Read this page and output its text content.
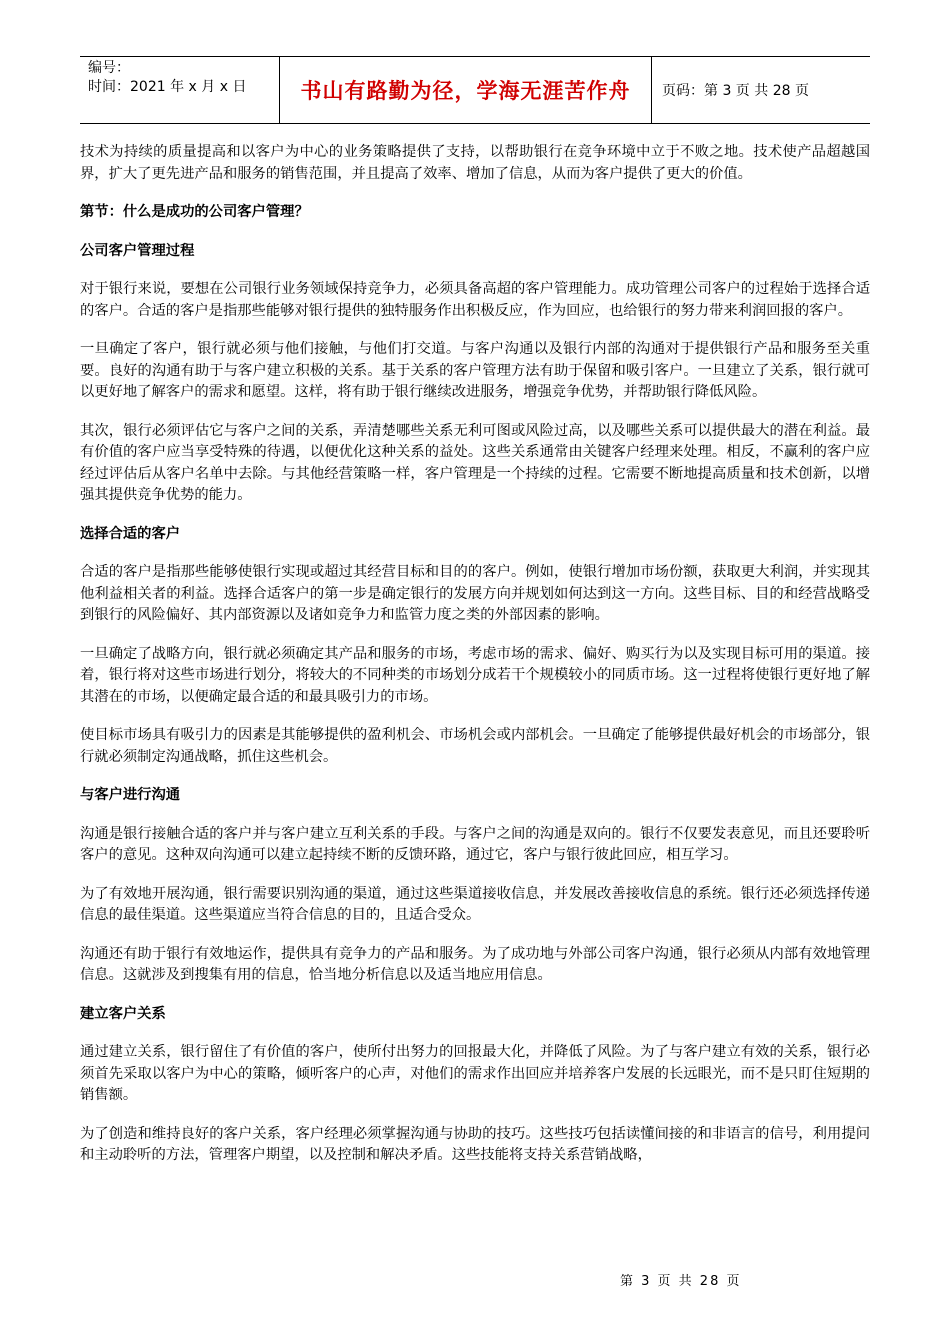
编号：
时间：2021 年 x 月 x 日	书山有路勤为径，学海无涯苦作舟	页码：第 3 页 共 28 页

技术为持续的质量提高和以客户为中心的业务策略提供了支持，以帮助银行在竞争环境中立于不败之地。技术使产品超越国界，扩大了更先进产品和服务的销售范围，并且提高了效率、增加了信息，从而为客户提供了更大的价值。

第节：什么是成功的公司客户管理？
公司客户管理过程

对于银行来说，要想在公司银行业务领域保持竞争力，必须具备高超的客户管理能力。成功管理公司客户的过程始于选择合适的客户。合适的客户是指那些能够对银行提供的独特服务作出积极反应，作为回应，也给银行的努力带来利润回报的客户。

一旦确定了客户，银行就必须与他们接触，与他们打交道。与客户沟通以及银行内部的沟通对于提供银行产品和服务至关重要。良好的沟通有助于与客户建立积极的关系。基于关系的客户管理方法有助于保留和吸引客户。一旦建立了关系，银行就可以更好地了解客户的需求和愿望。这样，将有助于银行继续改进服务，增强竞争优势，并帮助银行降低风险。

其次，银行必须评估它与客户之间的关系，弄清楚哪些关系无利可图或风险过高，以及哪些关系可以提供最大的潜在利益。最有价值的客户应当享受特殊的待遇，以便优化这种关系的益处。这些关系通常由关键客户经理来处理。相反，不赢利的客户应经过评估后从客户名单中去除。与其他经营策略一样，客户管理是一个持续的过程。它需要不断地提高质量和技术创新，以增强其提供竞争优势的能力。

选择合适的客户

合适的客户是指那些能够使银行实现或超过其经营目标和目的的客户。例如，使银行增加市场份额，获取更大利润，并实现其他利益相关者的利益。选择合适客户的第一步是确定银行的发展方向并规划如何达到这一方向。这些目标、目的和经营战略受到银行的风险偏好、其内部资源以及诸如竞争力和监管力度之类的外部因素的影响。

一旦确定了战略方向，银行就必须确定其产品和服务的市场，考虑市场的需求、偏好、购买行为以及实现目标可用的渠道。接着，银行将对这些市场进行划分，将较大的不同种类的市场划分成若干个规模较小的同质市场。这一过程将使银行更好地了解其潜在的市场，以便确定最合适的和最具吸引力的市场。

使目标市场具有吸引力的因素是其能够提供的盈利机会、市场机会或内部机会。一旦确定了能够提供最好机会的市场部分，银行就必须制定沟通战略，抓住这些机会。

与客户进行沟通

沟通是银行接触合适的客户并与客户建立互利关系的手段。与客户之间的沟通是双向的。银行不仅要发表意见，而且还要聆听客户的意见。这种双向沟通可以建立起持续不断的反馈环路，通过它，客户与银行彼此回应，相互学习。

为了有效地开展沟通，银行需要识别沟通的渠道，通过这些渠道接收信息，并发展改善接收信息的系统。银行还必须选择传递信息的最佳渠道。这些渠道应当符合信息的目的，且适合受众。

沟通还有助于银行有效地运作，提供具有竞争力的产品和服务。为了成功地与外部公司客户沟通，银行必须从内部有效地管理信息。这就涉及到搜集有用的信息，恰当地分析信息以及适当地应用信息。

建立客户关系

通过建立关系，银行留住了有价值的客户，使所付出努力的回报最大化，并降低了风险。为了与客户建立有效的关系，银行必须首先采取以客户为中心的策略，倾听客户的心声，对他们的需求作出回应并培养客户发展的长远眼光，而不是只盯住短期的销售额。

为了创造和维持良好的客户关系，客户经理必须掌握沟通与协助的技巧。这些技巧包括读懂间接的和非语言的信号，利用提问和主动聆听的方法，管理客户期望，以及控制和解决矛盾。这些技能将支持关系营销战略，

第 3 页 共 28 页
